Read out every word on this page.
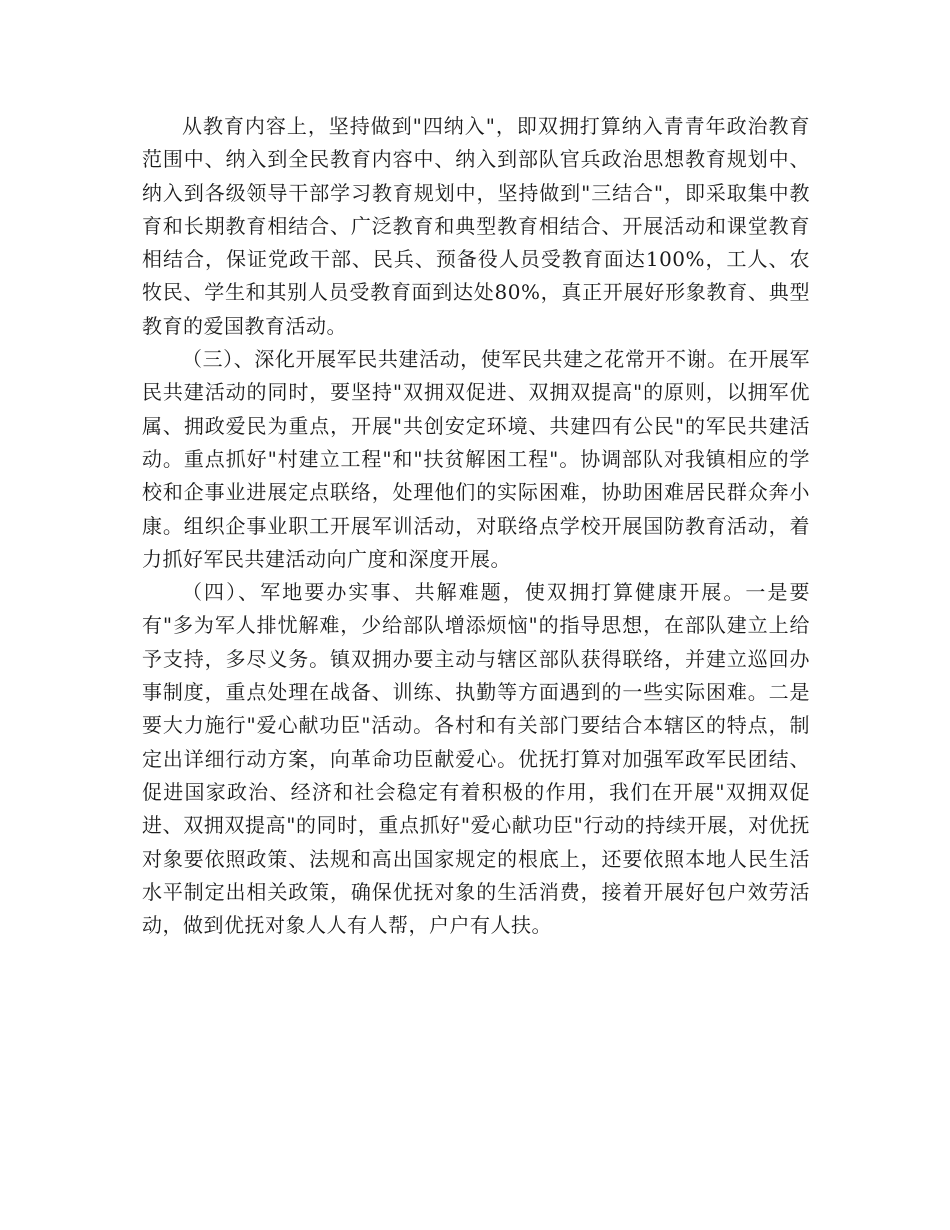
从教育内容上，坚持做到"四纳入"，即双拥打算纳入青青年政治教育范围中、纳入到全民教育内容中、纳入到部队官兵政治思想教育规划中、纳入到各级领导干部学习教育规划中，坚持做到"三结合"，即采取集中教育和长期教育相结合、广泛教育和典型教育相结合、开展活动和课堂教育相结合，保证党政干部、民兵、预备役人员受教育面达100%，工人、农牧民、学生和其别人员受教育面到达处80%，真正开展好形象教育、典型教育的爱国教育活动。

（三）、深化开展军民共建活动，使军民共建之花常开不谢。在开展军民共建活动的同时，要坚持"双拥双促进、双拥双提高"的原则，以拥军优属、拥政爱民为重点，开展"共创安定环境、共建四有公民"的军民共建活动。重点抓好"村建立工程"和"扶贫解困工程"。协调部队对我镇相应的学校和企事业进展定点联络，处理他们的实际困难，协助困难居民群众奔小康。组织企事业职工开展军训活动，对联络点学校开展国防教育活动，着力抓好军民共建活动向广度和深度开展。

（四）、军地要办实事、共解难题，使双拥打算健康开展。一是要有"多为军人排忧解难，少给部队增添烦恼"的指导思想，在部队建立上给予支持，多尽义务。镇双拥办要主动与辖区部队获得联络，并建立巡回办事制度，重点处理在战备、训练、执勤等方面遇到的一些实际困难。二是要大力施行"爱心献功臣"活动。各村和有关部门要结合本辖区的特点，制定出详细行动方案，向革命功臣献爱心。优抚打算对加强军政军民团结、促进国家政治、经济和社会稳定有着积极的作用，我们在开展"双拥双促进、双拥双提高"的同时，重点抓好"爱心献功臣"行动的持续开展，对优抚对象要依照政策、法规和高出国家规定的根底上，还要依照本地人民生活水平制定出相关政策，确保优抚对象的生活消费，接着开展好包户效劳活动，做到优抚对象人人有人帮，户户有人扶。
